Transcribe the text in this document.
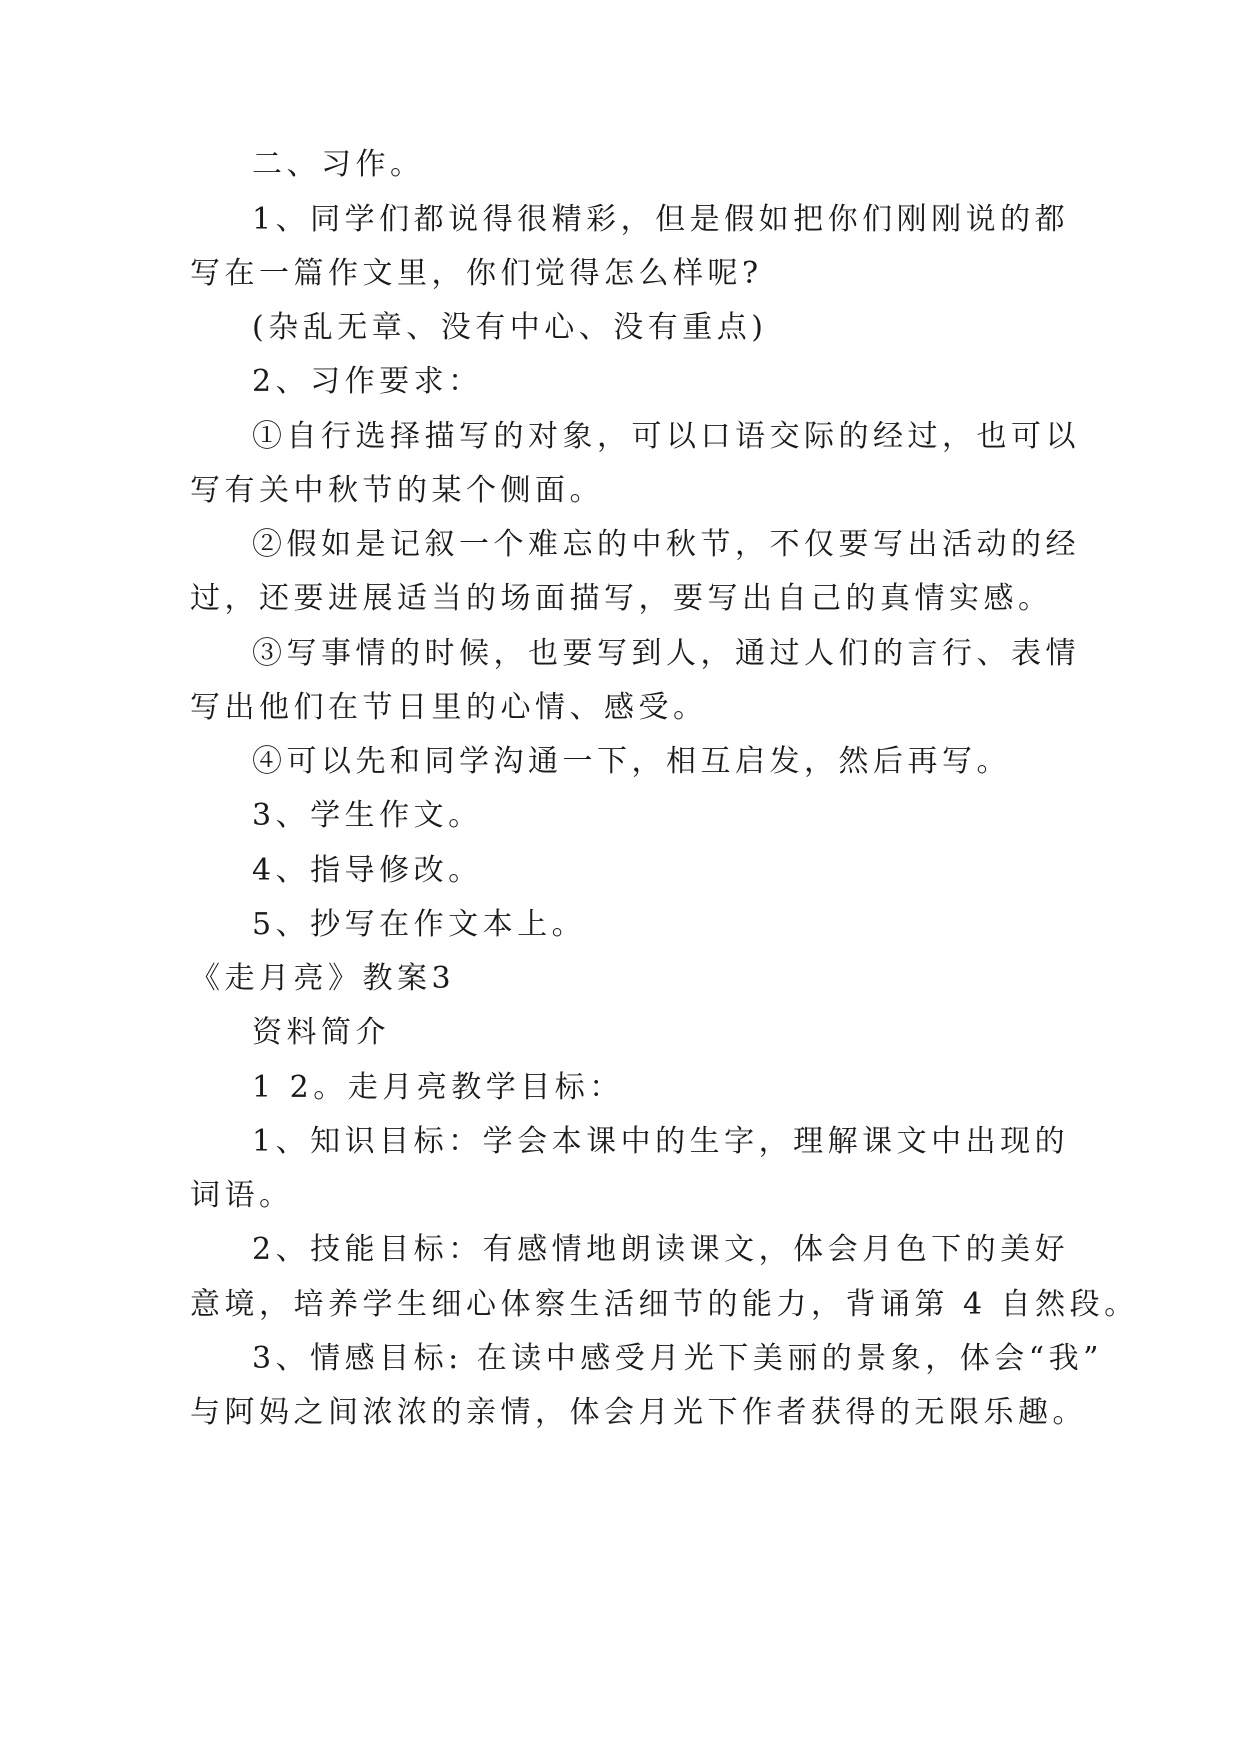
二、习作。
1、同学们都说得很精彩，但是假如把你们刚刚说的都
写在一篇作文里，你们觉得怎么样呢?
(杂乱无章、没有中心、没有重点)
2、习作要求：
①自行选择描写的对象，可以口语交际的经过，也可以
写有关中秋节的某个侧面。
②假如是记叙一个难忘的中秋节，不仅要写出活动的经
过，还要进展适当的场面描写，要写出自己的真情实感。
③写事情的时候，也要写到人，通过人们的言行、表情
写出他们在节日里的心情、感受。
④可以先和同学沟通一下，相互启发，然后再写。
3、学生作文。
4、指导修改。
5、抄写在作文本上。
《走月亮》教案3
资料简介
1 2。走月亮教学目标：
1、知识目标：学会本课中的生字，理解课文中出现的
词语。
2、技能目标：有感情地朗读课文，体会月色下的美好
意境，培养学生细心体察生活细节的能力，背诵第 4 自然段。
3、情感目标: 在读中感受月光下美丽的景象，体会“我”
与阿妈之间浓浓的亲情，体会月光下作者获得的无限乐趣。
